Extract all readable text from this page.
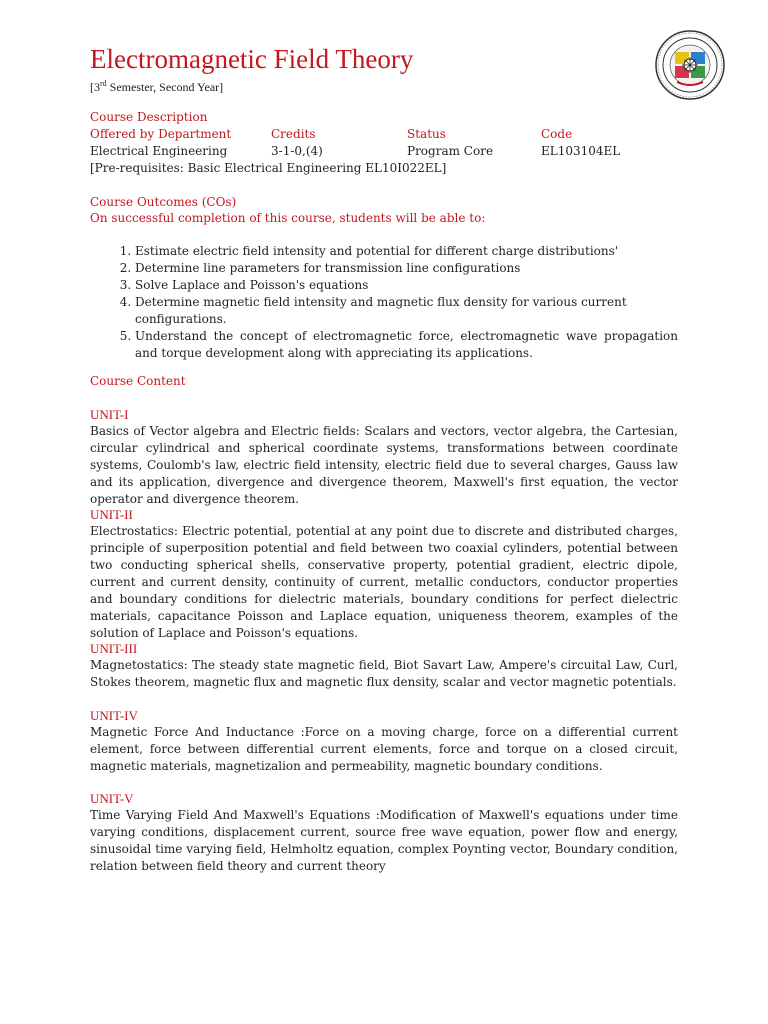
Electromagnetic Field Theory
[3rd Semester, Second Year]
Course Description
Offered by Department	Credits	Status	Code
Electrical Engineering	3-1-0,(4)	Program Core	EL103104EL
[Pre-requisites: Basic Electrical Engineering EL10I022EL]
Course Outcomes (COs)
On successful completion of this course, students will be able to:
1. Estimate electric field intensity and potential for different charge distributions'
2. Determine line parameters for transmission line configurations
3. Solve Laplace and Poisson's equations
4. Determine magnetic field intensity and magnetic flux density for various current configurations.
5. Understand the concept of electromagnetic force, electromagnetic wave propagation and torque development along with appreciating its applications.
Course Content
UNIT-I
Basics of Vector algebra and Electric fields: Scalars and vectors, vector algebra, the Cartesian, circular cylindrical and spherical coordinate systems, transformations between coordinate systems, Coulomb's law, electric field intensity, electric field due to several charges, Gauss law and its application, divergence and divergence theorem, Maxwell's first equation, the vector operator and divergence theorem.
UNIT-II
Electrostatics: Electric potential, potential at any point due to discrete and distributed charges, principle of superposition potential and field between two coaxial cylinders, potential between two conducting spherical shells, conservative property, potential gradient, electric dipole, current and current density, continuity of current, metallic conductors, conductor properties and boundary conditions for dielectric materials, boundary conditions for perfect dielectric materials, capacitance Poisson and Laplace equation, uniqueness theorem, examples of the solution of Laplace and Poisson's equations.
UNIT-III
Magnetostatics: The steady state magnetic field, Biot Savart Law, Ampere's circuital Law, Curl, Stokes theorem, magnetic flux and magnetic flux density, scalar and vector magnetic potentials.
UNIT-IV
Magnetic Force And Inductance :Force on a moving charge, force on a differential current element, force between differential current elements, force and torque on a closed circuit, magnetic materials, magnetizalion and permeability, magnetic boundary conditions.
UNIT-V
Time Varying Field And Maxwell's Equations :Modification of Maxwell's equations under time varying conditions, displacement current, source free wave equation, power flow and energy, sinusoidal time varying field, Helmholtz equation, complex Poynting vector, Boundary condition, relation between field theory and current theory
